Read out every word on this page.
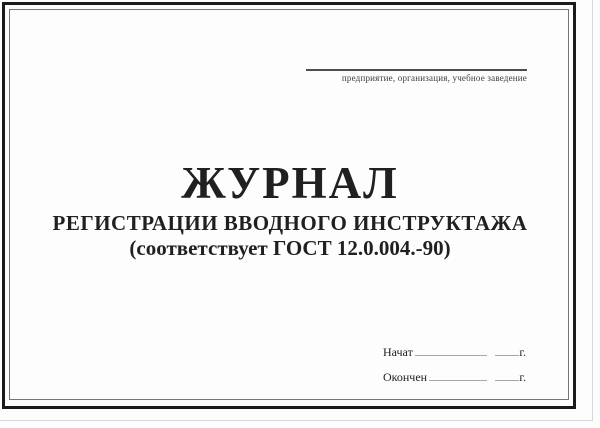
предприятие, организация, учебное заведение
ЖУРНАЛ
РЕГИСТРАЦИИ ВВОДНОГО ИНСТРУКТАЖА
(соответствует ГОСТ 12.0.004.-90)
Начат	г.
Окончен	г.
